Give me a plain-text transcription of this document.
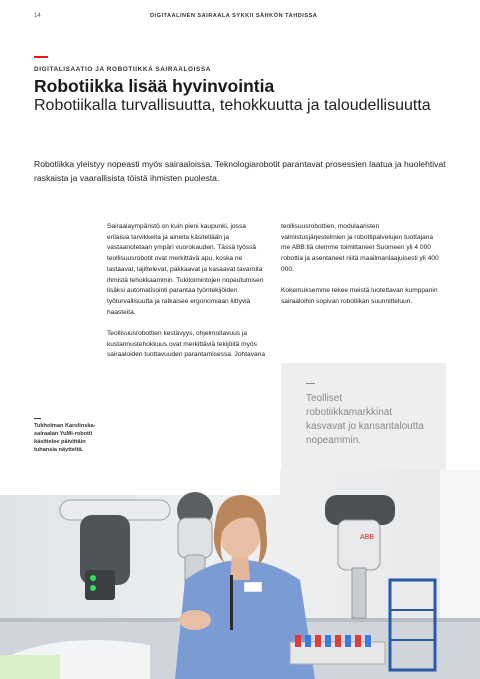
14	DIGITAALINEN SAIRAALA SYKKII SÄHKÖN TAHDISSA
DIGITALISAATIO JA ROBOTIIKKA SAIRAALOISSA
Robotiikka lisää hyvinvointia
Robotiikalla turvallisuutta, tehokkuutta ja taloudellisuutta

Robotiikka yleistyy nopeasti myös sairaaloissa. Teknologiarobotit parantavat prosessien laatua ja huolehtivat raskaista ja vaarallisista töistä ihmisten puolesta.

Sairaalaympäristö on kuin pieni kaupunki, jossa erilaisia tarvikkeita ja aineita käsitellään ja vastaanotetaan ympäri vuorokauden. Tässä työssä teollisuusrobotit ovat merkittävä apu, koska ne lastaavat, lajittelevat, pakkaavat ja kasaavat tavaroita ihmistä tehokkaammin. Tukitoimintojen nopeutumisen lisäksi automatisointi parantaa työntekijöiden työturvallisuutta ja ratkaisee ergonomiaan liittyviä haasteita.

Teollisuusrobottien kestävyys, ohjelmoitavuus ja kustannustehokkuus ovat merkittäviä tekijöitä myös sairaaloiden tuottavuuden parantamisessa. Johtavana

teollisuusrobottien, modulaaristen valmistusjärjestelmien ja robottipalvelujen tuottajana me ABB:llä olemme toimittaneet Suomeen yli 4 000 robottia ja asentaneet niitä maailmanlaajuisesti yli 400 000.

Kokemuksemme tekee meistä luotettavan kumppanin sairaaloihin sopivan robotiikan suunnitteluun.

Teolliset robotiikkamarkkinat kasvavat jo kansantaloutta nopeammin.

Tukholman Karolinska-sairaalan YuMi-robotti käsittelee päivittäin tuhansia näytteitä.

ABB
